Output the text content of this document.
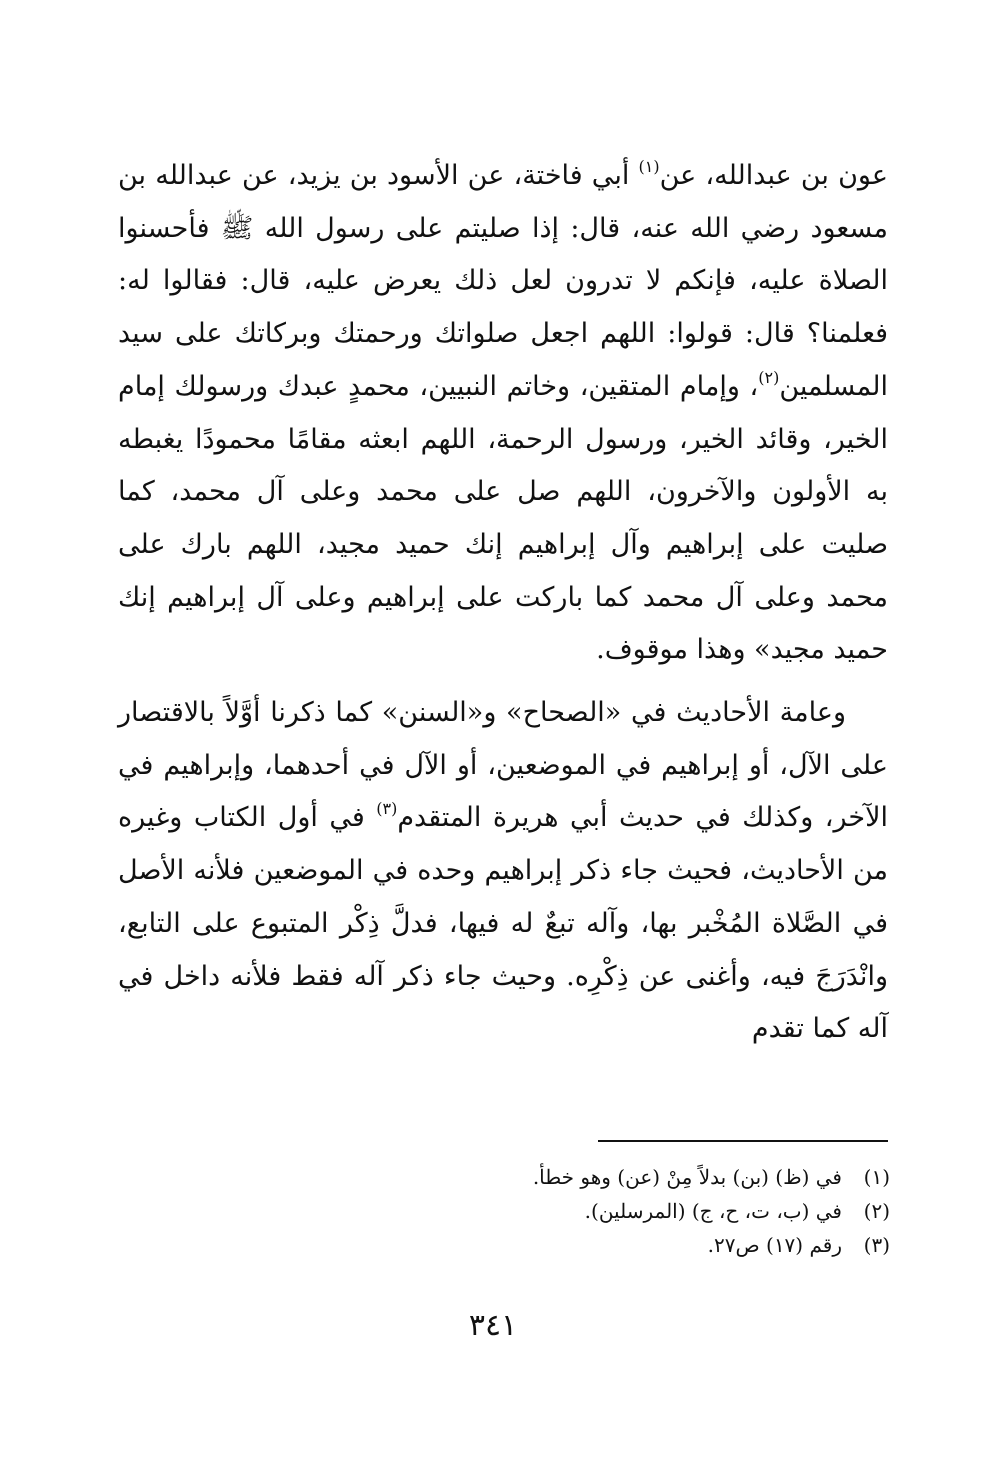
عون بن عبدالله، عن$^{(١)}$ أبي فاختة، عن الأسود بن يزيد، عن عبدالله بن مسعود رضي الله عنه، قال: إذا صليتم على رسول الله ﷺ فأحسنوا الصلاة عليه، فإنكم لا تدرون لعل ذلك يعرض عليه، قال: فقالوا له: فعلمنا؟ قال: قولوا: اللهم اجعل صلواتك ورحمتك وبركاتك على سيد المسلمين$^{(٢)}$، وإمام المتقين، وخاتم النبيين، محمدٍ عبدك ورسولك إمام الخير، وقائد الخير، ورسول الرحمة، اللهم ابعثه مقامًا محمودًا يغبطه به الأولون والآخرون، اللهم صل على محمد وعلى آل محمد، كما صليت على إبراهيم وآل إبراهيم إنك حميد مجيد، اللهم بارك على محمد وعلى آل محمد كما باركت على إبراهيم وعلى آل إبراهيم إنك حميد مجيد» وهذا موقوف.

وعامة الأحاديث في «الصحاح» و«السنن» كما ذكرنا أوَّلاً بالاقتصار على الآل، أو إبراهيم في الموضعين، أو الآل في أحدهما، وإبراهيم في الآخر، وكذلك في حديث أبي هريرة المتقدم$^{(٣)}$ في أول الكتاب وغيره من الأحاديث، فحيث جاء ذكر إبراهيم وحده في الموضعين فلأنه الأصل في الصَّلاة المُخْبر بها، وآله تبعٌ له فيها، فدلَّ ذِكْر المتبوع على التابع، وانْدَرَجَ فيه، وأغنى عن ذِكْرِه. وحيث جاء ذكر آله فقط فلأنه داخل في آله كما تقدم

(١)في (ظ) (بن) بدلاً مِنْ (عن) وهو خطأ.
(٢)في (ب، ت، ح، ج) (المرسلين).
(٣)رقم (١٧) ص٢٧.
٣٤١
